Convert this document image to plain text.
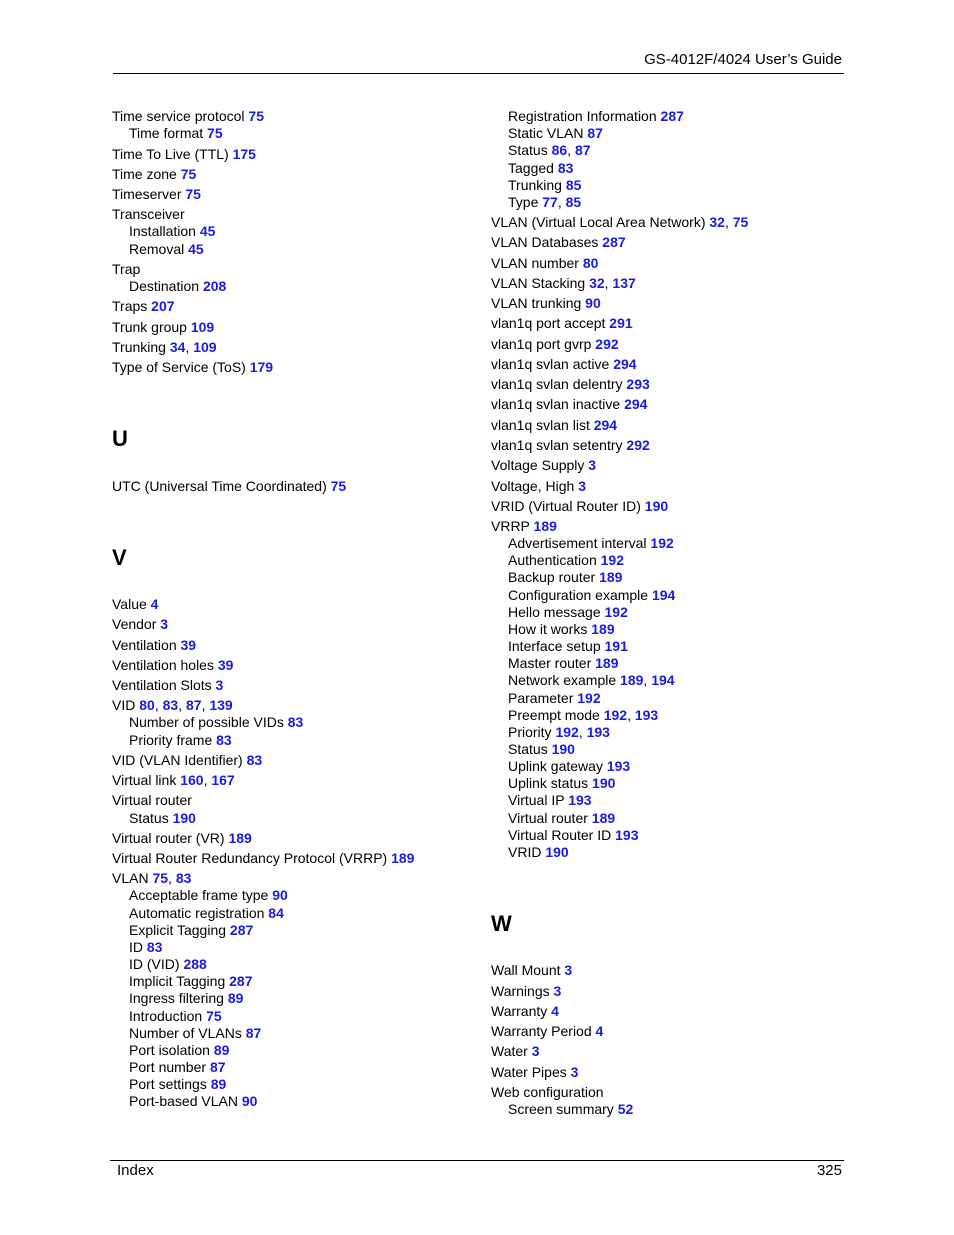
GS-4012F/4024 User’s Guide
Time service protocol 75
Time format 75
Time To Live (TTL) 175
Time zone 75
Timeserver 75
Transceiver
Installation 45
Removal 45
Trap
Destination 208
Traps 207
Trunk group 109
Trunking 34, 109
Type of Service (ToS) 179
U
UTC (Universal Time Coordinated) 75
V
Value 4
Vendor 3
Ventilation 39
Ventilation holes 39
Ventilation Slots 3
VID 80, 83, 87, 139
Number of possible VIDs 83
Priority frame 83
VID (VLAN Identifier) 83
Virtual link 160, 167
Virtual router
Status 190
Virtual router (VR) 189
Virtual Router Redundancy Protocol (VRRP) 189
VLAN 75, 83
Acceptable frame type 90
Automatic registration 84
Explicit Tagging 287
ID 83
ID (VID) 288
Implicit Tagging 287
Ingress filtering 89
Introduction 75
Number of VLANs 87
Port isolation 89
Port number 87
Port settings 89
Port-based VLAN 90
Registration Information 287
Static VLAN 87
Status 86, 87
Tagged 83
Trunking 85
Type 77, 85
VLAN (Virtual Local Area Network) 32, 75
VLAN Databases 287
VLAN number 80
VLAN Stacking 32, 137
VLAN trunking 90
vlan1q port accept 291
vlan1q port gvrp 292
vlan1q svlan active 294
vlan1q svlan delentry 293
vlan1q svlan inactive 294
vlan1q svlan list 294
vlan1q svlan setentry 292
Voltage Supply 3
Voltage, High 3
VRID (Virtual Router ID) 190
VRRP 189
Advertisement interval 192
Authentication 192
Backup router 189
Configuration example 194
Hello message 192
How it works 189
Interface setup 191
Master router 189
Network example 189, 194
Parameter 192
Preempt mode 192, 193
Priority 192, 193
Status 190
Uplink gateway 193
Uplink status 190
Virtual IP 193
Virtual router 189
Virtual Router ID 193
VRID 190
W
Wall Mount 3
Warnings 3
Warranty 4
Warranty Period 4
Water 3
Water Pipes 3
Web configuration
Screen summary 52
Index	325
